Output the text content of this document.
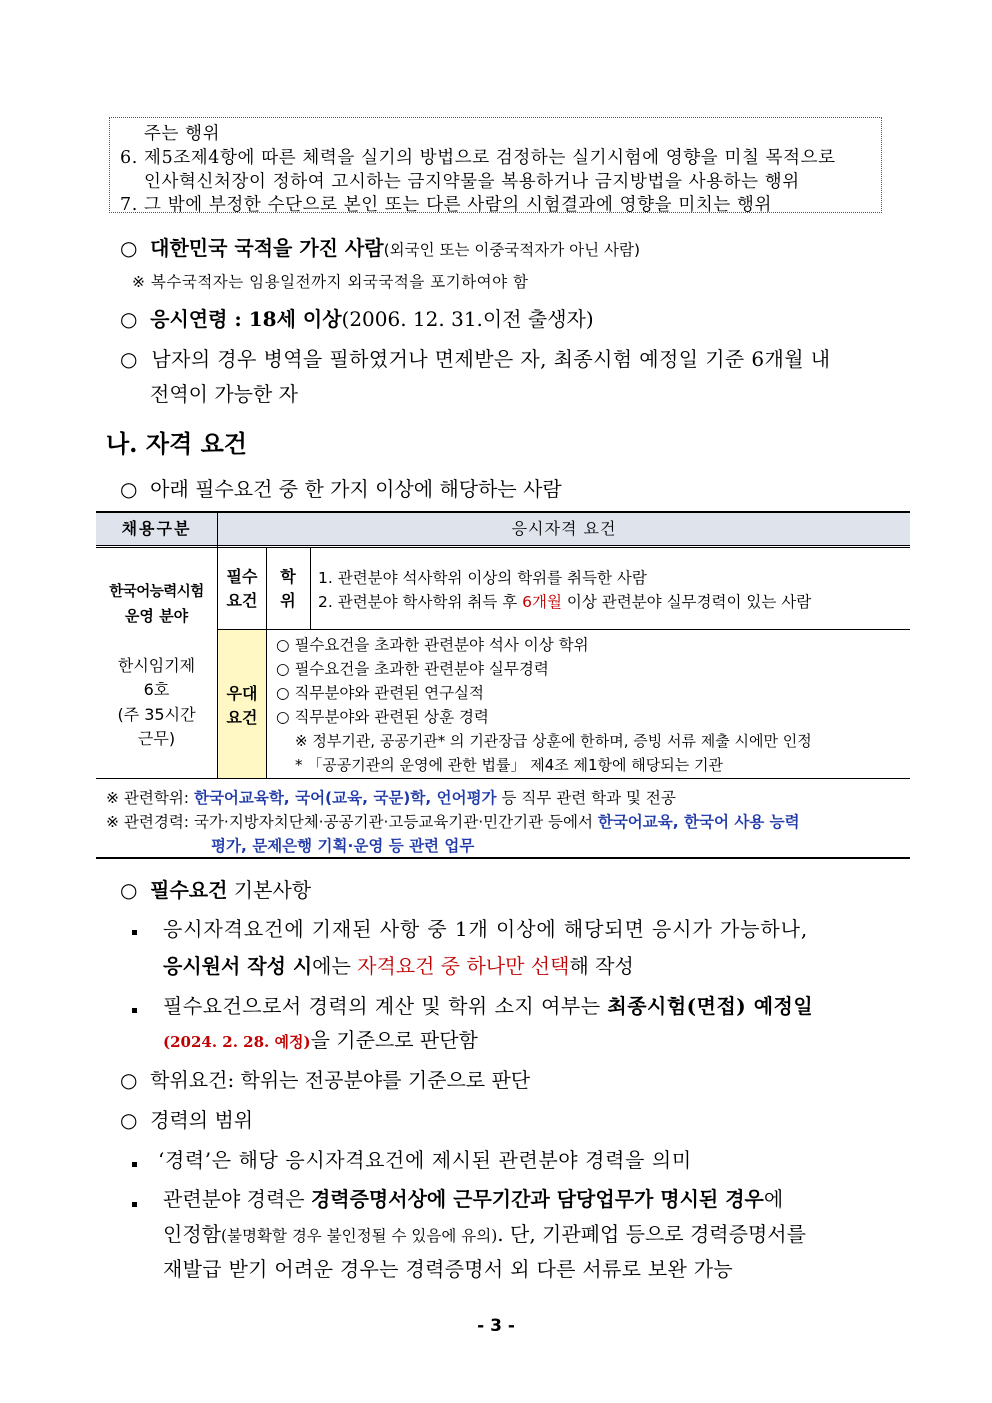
주는 행위
6. 제5조제4항에 따른 체력을 실기의 방법으로 검정하는 실기시험에 영향을 미칠 목적으로
인사혁신처장이 정하여 고시하는 금지약물을 복용하거나 금지방법을 사용하는 행위
7. 그 밖에 부정한 수단으로 본인 또는 다른 사람의 시험결과에 영향을 미치는 행위
○ 대한민국 국적을 가진 사람(외국인 또는 이중국적자가 아닌 사람)
※ 복수국적자는 임용일전까지 외국국적을 포기하여야 함
○ 응시연령 : 18세 이상(2006. 12. 31.이전 출생자)
○ 남자의 경우 병역을 필하였거나 면제받은 자, 최종시험 예정일 기준 6개월 내
전역이 가능한 자
나. 자격 요건
○ 아래 필수요건 중 한 가지 이상에 해당하는 사람
채용구분	응시자격 요건
한국어능력시험
운영 분야
한시임기제
6호
(주 35시간
근무)
필수
요건
학
위
1. 관련분야 석사학위 이상의 학위를 취득한 사람
2. 관련분야 학사학위 취득 후 6개월 이상 관련분야 실무경력이 있는 사람
우대
요건
○ 필수요건을 초과한 관련분야 석사 이상 학위
○ 필수요건을 초과한 관련분야 실무경력
○ 직무분야와 관련된 연구실적
○ 직무분야와 관련된 상훈 경력
※ 정부기관, 공공기관* 의 기관장급 상훈에 한하며, 증빙 서류 제출 시에만 인정
* 「공공기관의 운영에 관한 법률」 제4조 제1항에 해당되는 기관
※ 관련학위: 한국어교육학, 국어(교육, 국문)학, 언어평가 등 직무 관련 학과 및 전공
※ 관련경력: 국가·지방자치단체·공공기관·고등교육기관·민간기관 등에서 한국어교육, 한국어 사용 능력
평가, 문제은행 기획·운영 등 관련 업무
○ 필수요건 기본사항
응시자격요건에 기재된 사항 중 1개 이상에 해당되면 응시가 가능하나,
응시원서 작성 시에는 자격요건 중 하나만 선택해 작성
필수요건으로서 경력의 계산 및 학위 소지 여부는 최종시험(면접) 예정일
(2024. 2. 28. 예정)을 기준으로 판단함
○ 학위요건: 학위는 전공분야를 기준으로 판단
○ 경력의 범위
‘경력’은 해당 응시자격요건에 제시된 관련분야 경력을 의미
관련분야 경력은 경력증명서상에 근무기간과 담당업무가 명시된 경우에
인정함(불명확할 경우 불인정될 수 있음에 유의). 단, 기관폐업 등으로 경력증명서를
재발급 받기 어려운 경우는 경력증명서 외 다른 서류로 보완 가능
- 3 -
